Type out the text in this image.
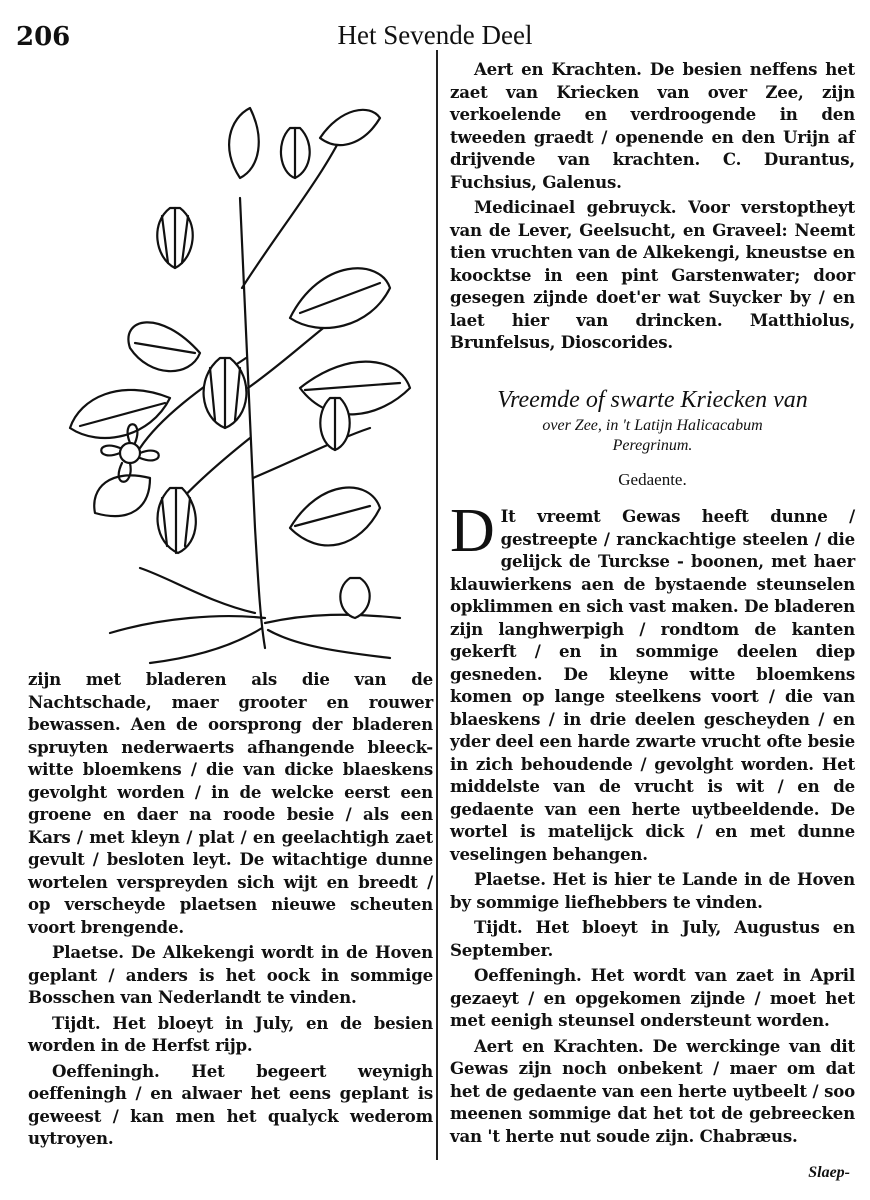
206	Het Sevende Deel

zijn met bladeren als die van de Nachtschade, maer grooter en rouwer bewassen. Aen de oorsprong der bladeren spruyten nederwaerts afhangende bleeck-witte bloemkens / die van dicke blaeskens gevolght worden / in de welcke eerst een groene en daer na roode besie / als een Kars / met kleyn / plat / en geelachtigh zaet gevult / besloten leyt. De witachtige dunne wortelen verspreyden sich wijt en breedt / op verscheyde plaetsen nieuwe scheuten voort brengende.

Plaetse. De Alkekengi wordt in de Hoven geplant / anders is het oock in sommige Bosschen van Nederlandt te vinden.

Tijdt. Het bloeyt in July, en de besien worden in de Herfst rijp.

Oeffeningh. Het begeert weynigh oeffeningh / en alwaer het eens geplant is geweest / kan men het qualyck wederom uytroyen.

Aert en Krachten. De besien neffens het zaet van Kriecken van over Zee, zijn verkoelende en verdroogende in den tweeden graedt / openende en den Urijn af drijvende van krachten. C. Durantus, Fuchsius, Galenus.

Medicinael gebruyck. Voor verstoptheyt van de Lever, Geelsucht, en Graveel: Neemt tien vruchten van de Alkekengi, kneustse en koocktse in een pint Garstenwater; door gesegen zijnde doet'er wat Suycker by / en laet hier van drincken. Matthiolus, Brunfelsus, Dioscorides.

Vreemde of swarte Kriecken van
over Zee, in 't Latijn Halicacabum
Peregrinum.
Gedaente.

D It vreemt Gewas heeft dunne / gestreepte / ranckachtige steelen / die gelijck de Turckse - boonen, met haer klauwierkens aen de bystaende steunselen opklimmen en sich vast maken. De bladeren zijn langhwerpigh / rondtom de kanten gekerft / en in sommige deelen diep gesneden. De kleyne witte bloemkens komen op lange steelkens voort / die van blaeskens / in drie deelen gescheyden / en yder deel een harde zwarte vrucht ofte besie in zich behoudende / gevolght worden. Het middelste van de vrucht is wit / en de gedaente van een herte uytbeeldende. De wortel is matelijck dick / en met dunne veselingen behangen.

Plaetse. Het is hier te Lande in de Hoven by sommige liefhebbers te vinden.

Tijdt. Het bloeyt in July, Augustus en September.

Oeffeningh. Het wordt van zaet in April gezaeyt / en opgekomen zijnde / moet het met eenigh steunsel ondersteunt worden.

Aert en Krachten. De werckinge van dit Gewas zijn noch onbekent / maer om dat het de gedaente van een herte uytbeelt / soo meenen sommige dat het tot de gebreecken van 't herte nut soude zijn. Chabræus.

Slaep-
